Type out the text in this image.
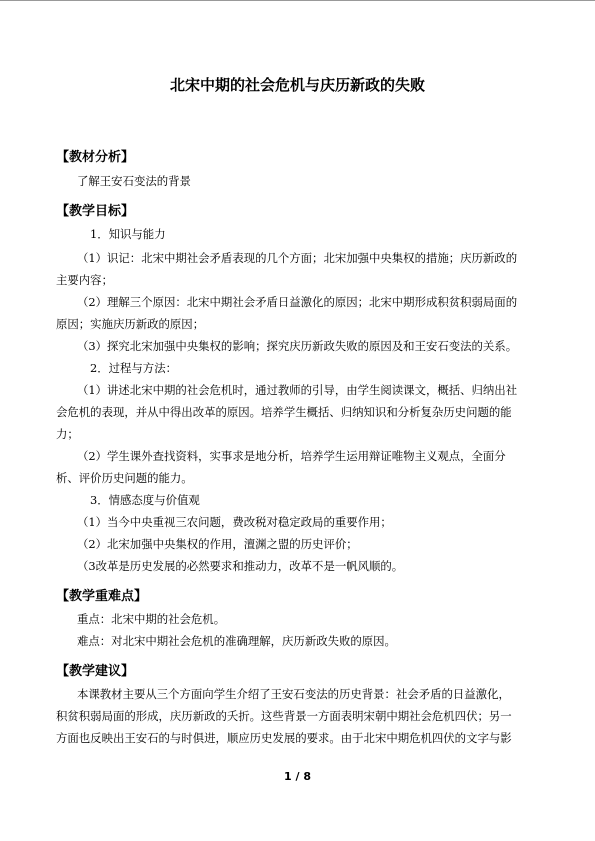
北宋中期的社会危机与庆历新政的失败
【教材分析】
了解王安石变法的背景
【教学目标】
1．知识与能力
（1）识记：北宋中期社会矛盾表现的几个方面；北宋加强中央集权的措施；庆历新政的
主要内容；
（2）理解三个原因：北宋中期社会矛盾日益激化的原因；北宋中期形成积贫积弱局面的
原因；实施庆历新政的原因；
（3）探究北宋加强中央集权的影响；探究庆历新政失败的原因及和王安石变法的关系。
2．过程与方法：
（1）讲述北宋中期的社会危机时，通过教师的引导，由学生阅读课文，概括、归纳出社
会危机的表现，并从中得出改革的原因。培养学生概括、归纳知识和分析复杂历史问题的能
力；
（2）学生课外查找资料，实事求是地分析，培养学生运用辩证唯物主义观点，全面分
析、评价历史问题的能力。
3．情感态度与价值观
（1）当今中央重视三农问题，费改税对稳定政局的重要作用；
（2）北宋加强中央集权的作用，澶渊之盟的历史评价；
（3改革是历史发展的必然要求和推动力，改革不是一帆风顺的。
【教学重难点】
重点：北宋中期的社会危机。
难点：对北宋中期社会危机的准确理解，庆历新政失败的原因。
【教学建议】
本课教材主要从三个方面向学生介绍了王安石变法的历史背景：社会矛盾的日益激化，
积贫积弱局面的形成，庆历新政的夭折。这些背景一方面表明宋朝中期社会危机四伏；另一
方面也反映出王安石的与时俱进，顺应历史发展的要求。由于北宋中期危机四伏的文字与影
1 / 8
